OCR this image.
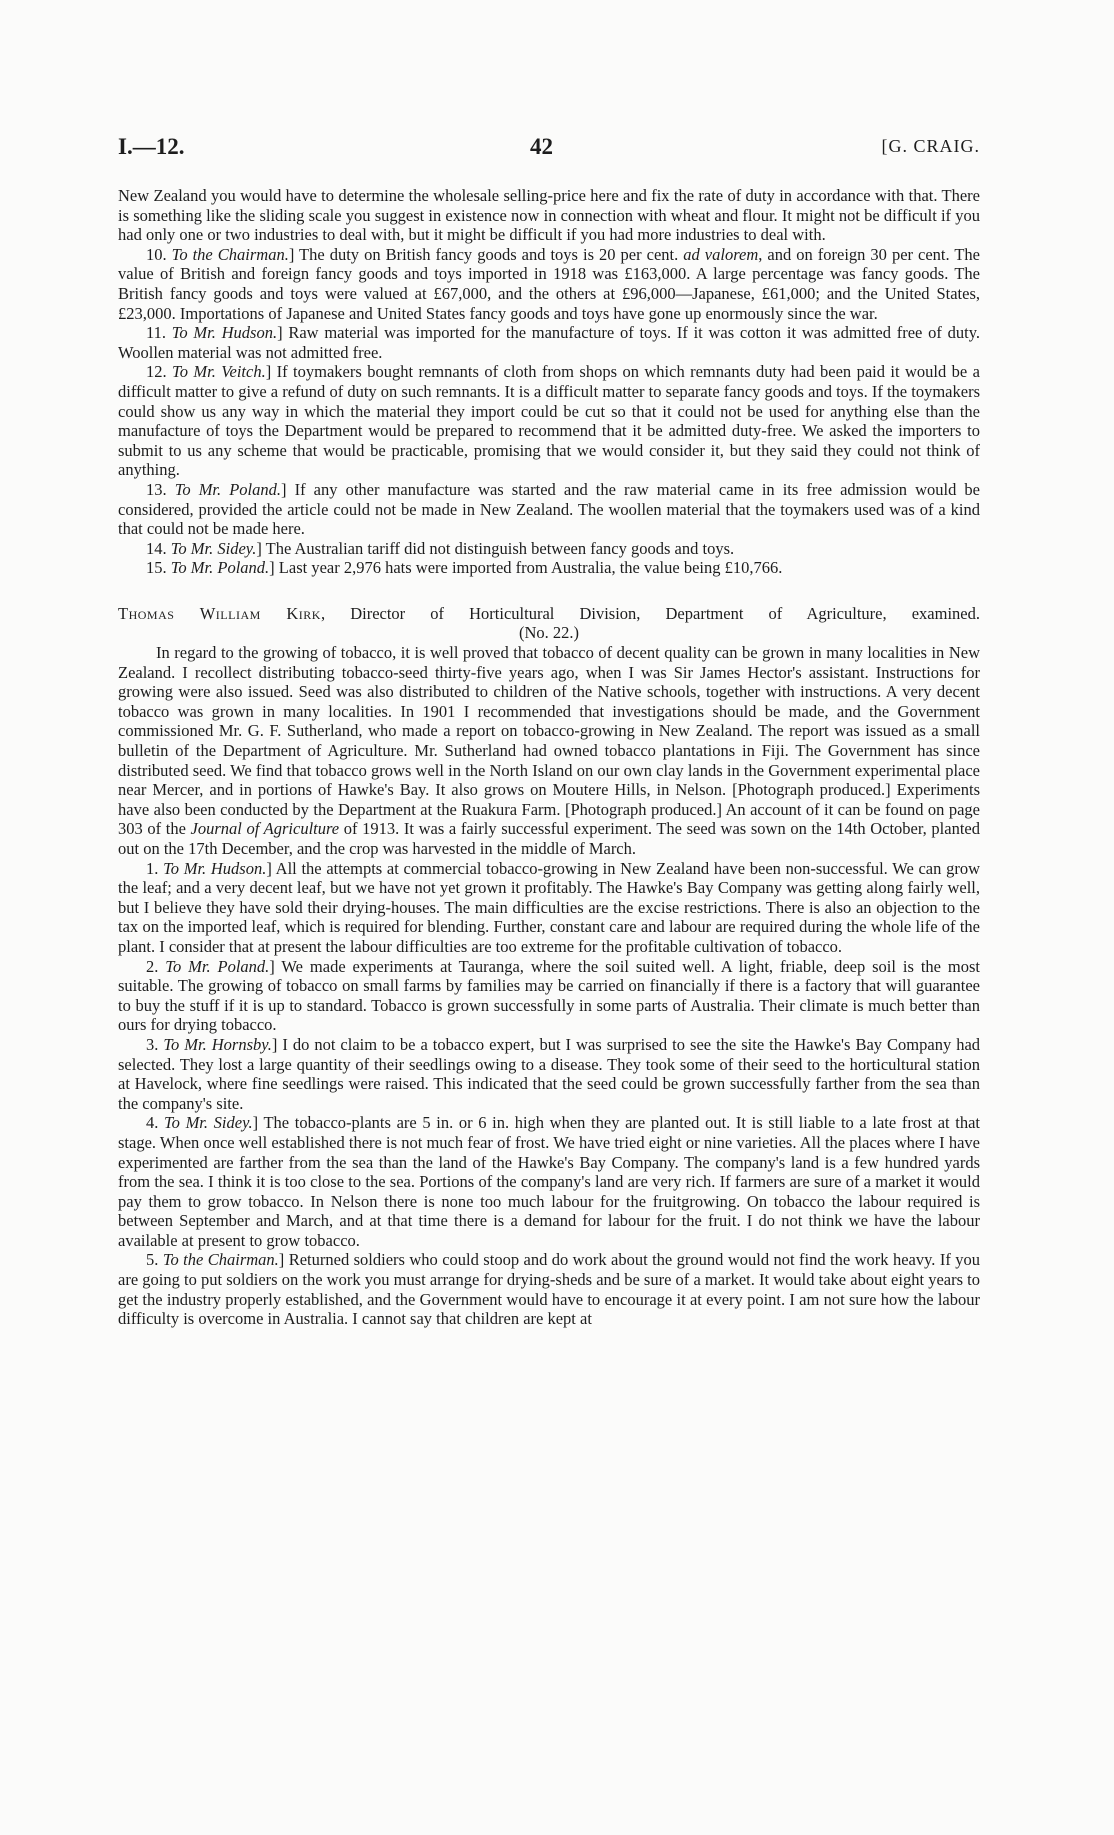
I.—12.	42	[G. CRAIG.

New Zealand you would have to determine the wholesale selling-price here and fix the rate of duty in accordance with that. There is something like the sliding scale you suggest in existence now in connection with wheat and flour. It might not be difficult if you had only one or two industries to deal with, but it might be difficult if you had more industries to deal with.

10. To the Chairman.] The duty on British fancy goods and toys is 20 per cent. ad valorem, and on foreign 30 per cent. The value of British and foreign fancy goods and toys imported in 1918 was £163,000. A large percentage was fancy goods. The British fancy goods and toys were valued at £67,000, and the others at £96,000—Japanese, £61,000; and the United States, £23,000. Importations of Japanese and United States fancy goods and toys have gone up enormously since the war.

11. To Mr. Hudson.] Raw material was imported for the manufacture of toys. If it was cotton it was admitted free of duty. Woollen material was not admitted free.

12. To Mr. Veitch.] If toymakers bought remnants of cloth from shops on which remnants duty had been paid it would be a difficult matter to give a refund of duty on such remnants. It is a difficult matter to separate fancy goods and toys. If the toymakers could show us any way in which the material they import could be cut so that it could not be used for anything else than the manufacture of toys the Department would be prepared to recommend that it be admitted duty-free. We asked the importers to submit to us any scheme that would be practicable, promising that we would consider it, but they said they could not think of anything.

13. To Mr. Poland.] If any other manufacture was started and the raw material came in its free admission would be considered, provided the article could not be made in New Zealand. The woollen material that the toymakers used was of a kind that could not be made here.

14. To Mr. Sidey.] The Australian tariff did not distinguish between fancy goods and toys.

15. To Mr. Poland.] Last year 2,976 hats were imported from Australia, the value being £10,766.

Thomas William Kirk, Director of Horticultural Division, Department of Agriculture, examined.

(No. 22.)

In regard to the growing of tobacco, it is well proved that tobacco of decent quality can be grown in many localities in New Zealand. I recollect distributing tobacco-seed thirty-five years ago, when I was Sir James Hector's assistant. Instructions for growing were also issued. Seed was also distributed to children of the Native schools, together with instructions. A very decent tobacco was grown in many localities. In 1901 I recommended that investigations should be made, and the Government commissioned Mr. G. F. Sutherland, who made a report on tobacco-growing in New Zealand. The report was issued as a small bulletin of the Department of Agriculture. Mr. Sutherland had owned tobacco plantations in Fiji. The Government has since distributed seed. We find that tobacco grows well in the North Island on our own clay lands in the Government experimental place near Mercer, and in portions of Hawke's Bay. It also grows on Moutere Hills, in Nelson. [Photograph produced.] Experiments have also been conducted by the Department at the Ruakura Farm. [Photograph produced.] An account of it can be found on page 303 of the Journal of Agriculture of 1913. It was a fairly successful experiment. The seed was sown on the 14th October, planted out on the 17th December, and the crop was harvested in the middle of March.

1. To Mr. Hudson.] All the attempts at commercial tobacco-growing in New Zealand have been non-successful. We can grow the leaf; and a very decent leaf, but we have not yet grown it profitably. The Hawke's Bay Company was getting along fairly well, but I believe they have sold their drying-houses. The main difficulties are the excise restrictions. There is also an objection to the tax on the imported leaf, which is required for blending. Further, constant care and labour are required during the whole life of the plant. I consider that at present the labour difficulties are too extreme for the profitable cultivation of tobacco.

2. To Mr. Poland.] We made experiments at Tauranga, where the soil suited well. A light, friable, deep soil is the most suitable. The growing of tobacco on small farms by families may be carried on financially if there is a factory that will guarantee to buy the stuff if it is up to standard. Tobacco is grown successfully in some parts of Australia. Their climate is much better than ours for drying tobacco.

3. To Mr. Hornsby.] I do not claim to be a tobacco expert, but I was surprised to see the site the Hawke's Bay Company had selected. They lost a large quantity of their seedlings owing to a disease. They took some of their seed to the horticultural station at Havelock, where fine seedlings were raised. This indicated that the seed could be grown successfully farther from the sea than the company's site.

4. To Mr. Sidey.] The tobacco-plants are 5 in. or 6 in. high when they are planted out. It is still liable to a late frost at that stage. When once well established there is not much fear of frost. We have tried eight or nine varieties. All the places where I have experimented are farther from the sea than the land of the Hawke's Bay Company. The company's land is a few hundred yards from the sea. I think it is too close to the sea. Portions of the company's land are very rich. If farmers are sure of a market it would pay them to grow tobacco. In Nelson there is none too much labour for the fruitgrowing. On tobacco the labour required is between September and March, and at that time there is a demand for labour for the fruit. I do not think we have the labour available at present to grow tobacco.

5. To the Chairman.] Returned soldiers who could stoop and do work about the ground would not find the work heavy. If you are going to put soldiers on the work you must arrange for drying-sheds and be sure of a market. It would take about eight years to get the industry properly established, and the Government would have to encourage it at every point. I am not sure how the labour difficulty is overcome in Australia. I cannot say that children are kept at
